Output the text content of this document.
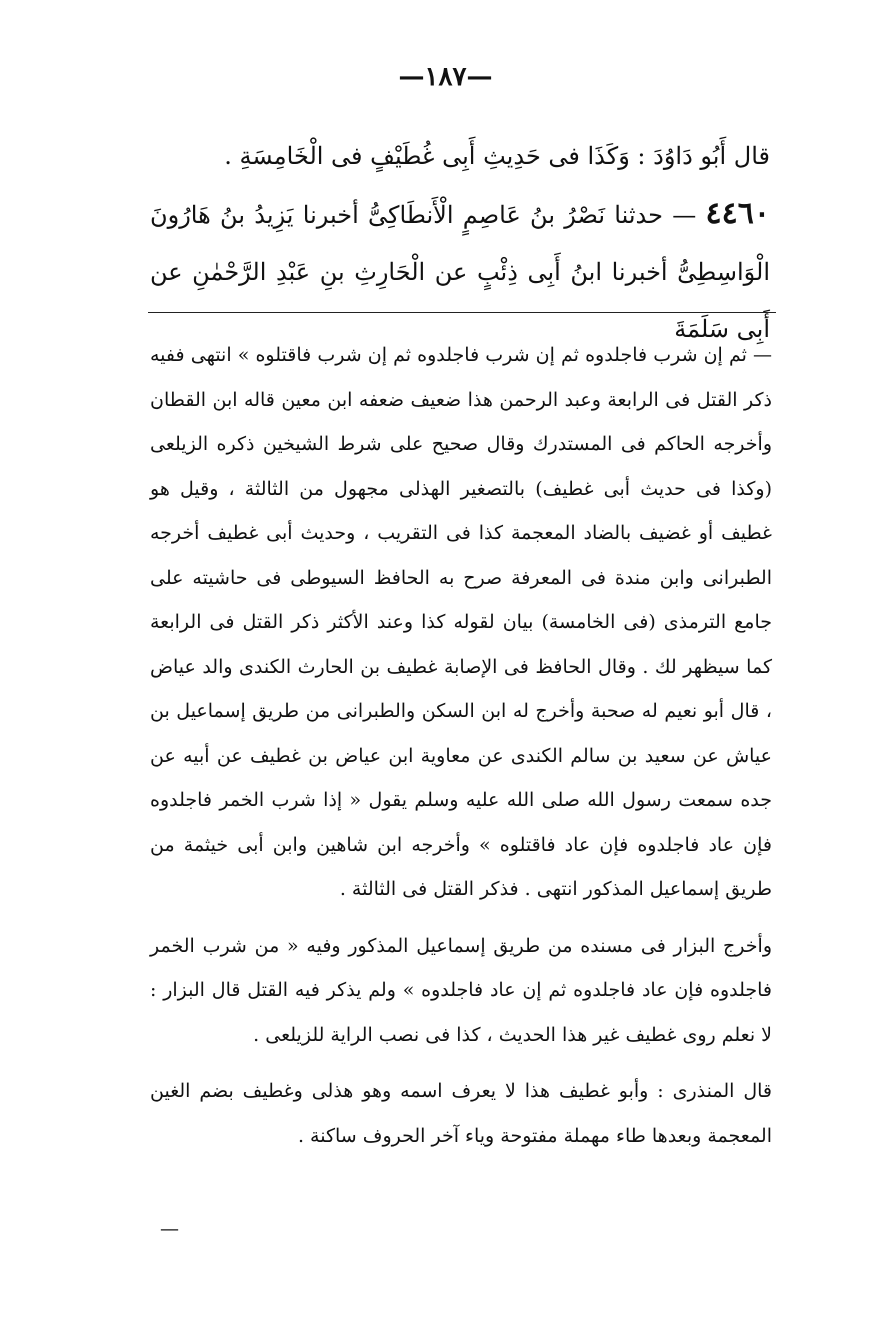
—١٨٧—

قال أَبُو دَاوُدَ : وَكَذَا فى حَدِيثِ أَبِى غُطَيْفٍ فى الْخَامِسَةِ .

٤٤٦٠ — حدثنا نَصْرُ بنُ عَاصِمٍ الْأَنطَاكِىُّ أخبرنا يَزِيدُ بنُ هَارُونَ الْوَاسِطِىُّ أخبرنا ابنُ أَبِى ذِئْبٍ عن الْحَارِثِ بنِ عَبْدِ الرَّحْمٰنِ عن أَبِى سَلَمَةَ

— ثم إن شرب فاجلدوه ثم إن شرب فاجلدوه ثم إن شرب فاقتلوه » انتهى ففيه ذكر القتل فى الرابعة وعبد الرحمن هذا ضعيف ضعفه ابن معين قاله ابن القطان وأخرجه الحاكم فى المستدرك وقال صحيح على شرط الشيخين ذكره الزيلعى (وكذا فى حديث أبى غطيف) بالتصغير الهذلى مجهول من الثالثة ، وقيل هو غطيف أو غضيف بالضاد المعجمة كذا فى التقريب ، وحديث أبى غطيف أخرجه الطبرانى وابن مندة فى المعرفة صرح به الحافظ السيوطى فى حاشيته على جامع الترمذى (فى الخامسة) بيان لقوله كذا وعند الأكثر ذكر القتل فى الرابعة كما سيظهر لك . وقال الحافظ فى الإصابة غطيف بن الحارث الكندى والد عياض ، قال أبو نعيم له صحبة وأخرج له ابن السكن والطبرانى من طريق إسماعيل بن عياش عن سعيد بن سالم الكندى عن معاوية ابن عياض بن غطيف عن أبيه عن جده سمعت رسول الله صلى الله عليه وسلم يقول « إذا شرب الخمر فاجلدوه فإن عاد فاجلدوه فإن عاد فاقتلوه » وأخرجه ابن شاهين وابن أبى خيثمة من طريق إسماعيل المذكور انتهى . فذكر القتل فى الثالثة .

وأخرج البزار فى مسنده من طريق إسماعيل المذكور وفيه « من شرب الخمر فاجلدوه فإن عاد فاجلدوه ثم إن عاد فاجلدوه » ولم يذكر فيه القتل قال البزار : لا نعلم روى غطيف غير هذا الحديث ، كذا فى نصب الراية للزيلعى .

قال المنذرى : وأبو غطيف هذا لا يعرف اسمه وهو هذلى وغطيف بضم الغين المعجمة وبعدها طاء مهملة مفتوحة وياء آخر الحروف ساكنة .

—
